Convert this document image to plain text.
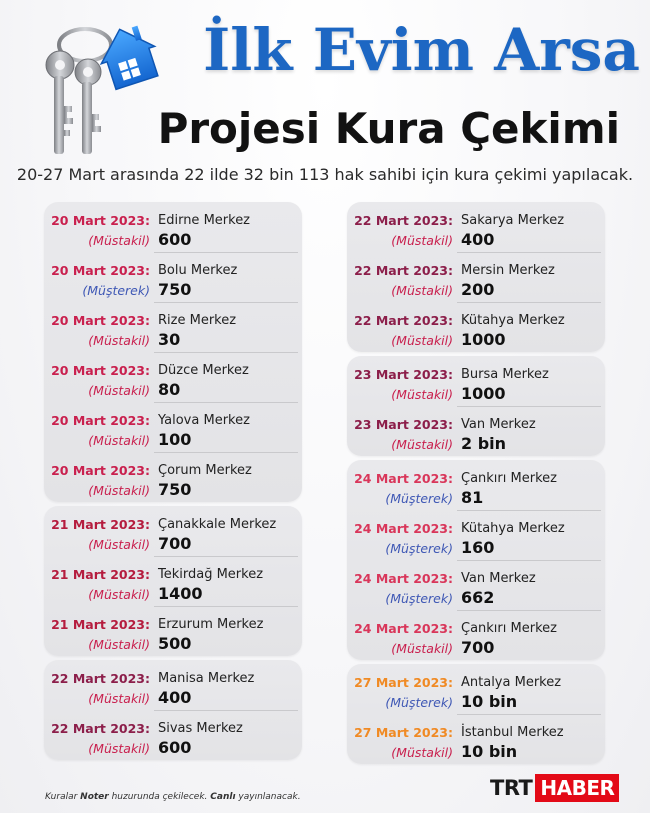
İlk Evim Arsa
Projesi Kura Çekimi
20-27 Mart arasında 22 ilde 32 bin 113 hak sahibi için kura çekimi yapılacak.
20 Mart 2023:
(Müstakil)
Edirne Merkez
600
20 Mart 2023:
(Müşterek)
Bolu Merkez
750
20 Mart 2023:
(Müstakil)
Rize Merkez
30
20 Mart 2023:
(Müstakil)
Düzce Merkez
80
20 Mart 2023:
(Müstakil)
Yalova Merkez
100
20 Mart 2023:
(Müstakil)
Çorum Merkez
750
21 Mart 2023:
(Müstakil)
Çanakkale Merkez
700
21 Mart 2023:
(Müstakil)
Tekirdağ Merkez
1400
21 Mart 2023:
(Müstakil)
Erzurum Merkez
500
22 Mart 2023:
(Müstakil)
Manisa Merkez
400
22 Mart 2023:
(Müstakil)
Sivas Merkez
600
22 Mart 2023:
(Müstakil)
Sakarya Merkez
400
22 Mart 2023:
(Müstakil)
Mersin Merkez
200
22 Mart 2023:
(Müstakil)
Kütahya Merkez
1000
23 Mart 2023:
(Müstakil)
Bursa Merkez
1000
23 Mart 2023:
(Müstakil)
Van Merkez
2 bin
24 Mart 2023:
(Müşterek)
Çankırı Merkez
81
24 Mart 2023:
(Müşterek)
Kütahya Merkez
160
24 Mart 2023:
(Müşterek)
Van Merkez
662
24 Mart 2023:
(Müstakil)
Çankırı Merkez
700
27 Mart 2023:
(Müşterek)
Antalya Merkez
10 bin
27 Mart 2023:
(Müstakil)
İstanbul Merkez
10 bin
Kuralar Noter huzurunda çekilecek. Canlı yayınlanacak.	TRT HABER
